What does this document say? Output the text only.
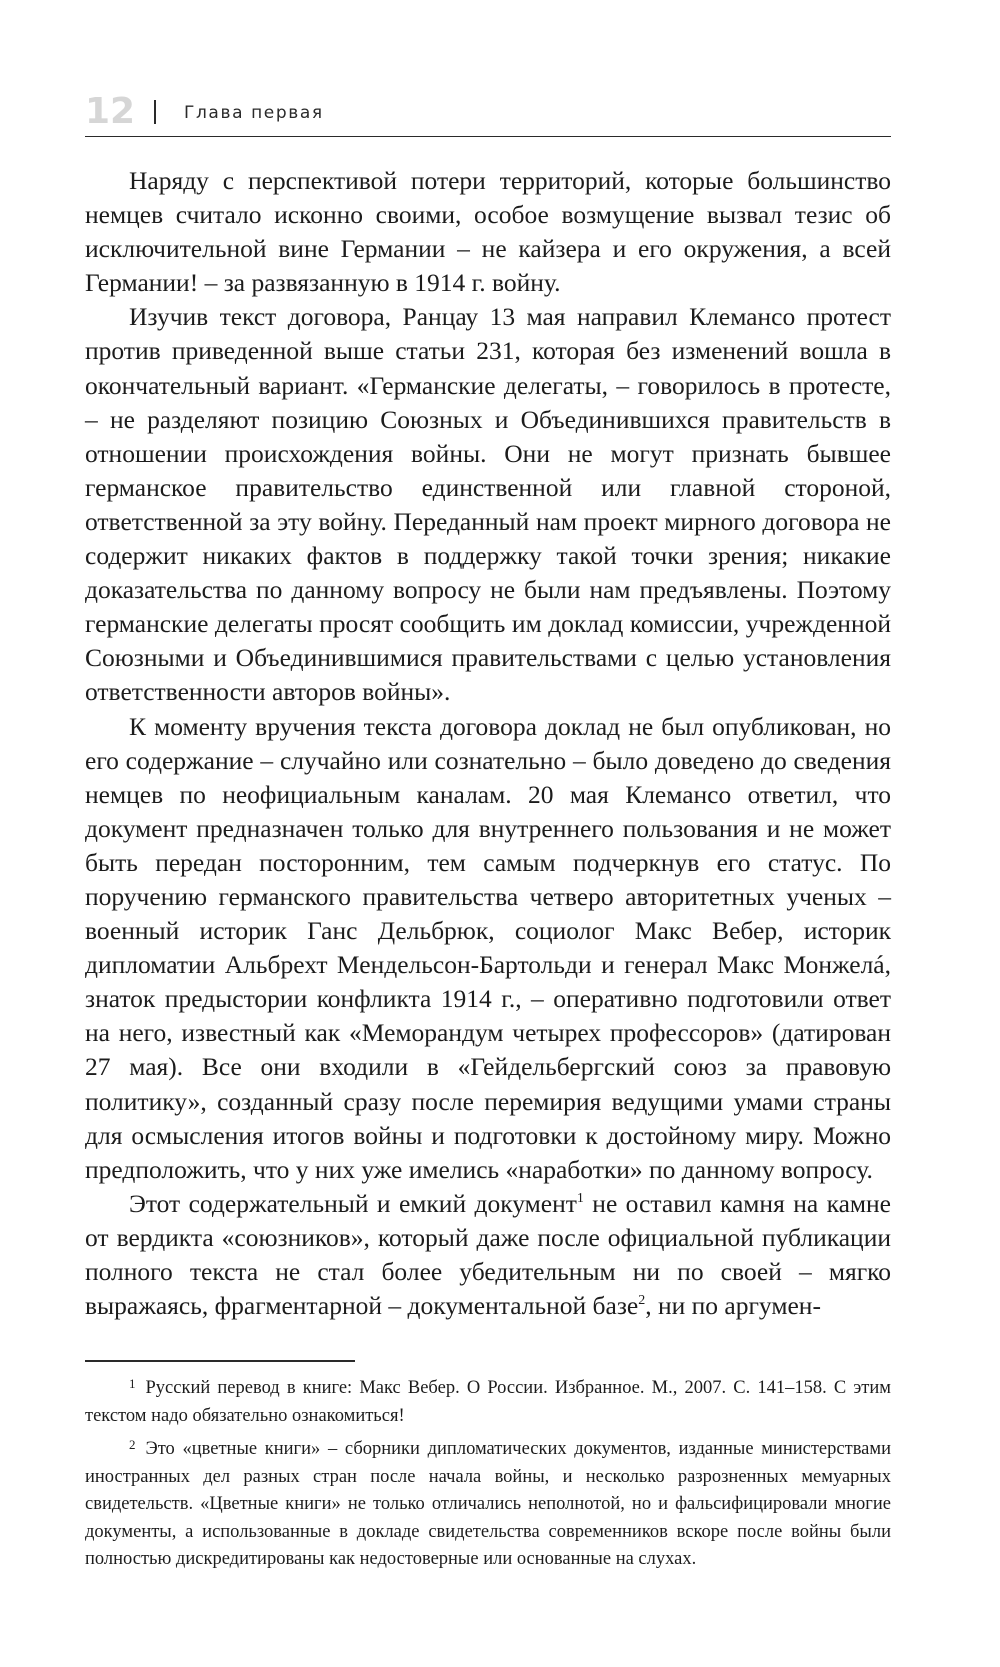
12	Глава первая

Наряду с перспективой потери территорий, которые большинство немцев считало исконно своими, особое возмущение вызвал тезис об исключительной вине Германии – не кайзера и его окружения, а всей Германии! – за развязанную в 1914 г. войну.

Изучив текст договора, Ранцау 13 мая направил Клемансо протест против приведенной выше статьи 231, которая без изменений вошла в окончательный вариант. «Германские делегаты, – говорилось в протесте, – не разделяют позицию Союзных и Объединившихся правительств в отношении происхождения войны. Они не могут признать бывшее германское правительство единственной или главной стороной, ответственной за эту войну. Переданный нам проект мирного договора не содержит никаких фактов в поддержку такой точки зрения; никакие доказательства по данному вопросу не были нам предъявлены. Поэтому германские делегаты просят сообщить им доклад комиссии, учрежденной Союзными и Объединившимися правительствами с целью установления ответственности авторов войны».

К моменту вручения текста договора доклад не был опубликован, но его содержание – случайно или сознательно – было доведено до сведения немцев по неофициальным каналам. 20 мая Клемансо ответил, что документ предназначен только для внутреннего пользования и не может быть передан посторонним, тем самым подчеркнув его статус. По поручению германского правительства четверо авторитетных ученых – военный историк Ганс Дельбрюк, социолог Макс Вебер, историк дипломатии Альбрехт Мендельсон-Бартольди и генерал Макс Монжелá, знаток предыстории конфликта 1914 г., – оперативно подготовили ответ на него, известный как «Меморандум четырех профессоров» (датирован 27 мая). Все они входили в «Гейдельбергский союз за правовую политику», созданный сразу после перемирия ведущими умами страны для осмысления итогов войны и подготовки к достойному миру. Можно предположить, что у них уже имелись «наработки» по данному вопросу.

Этот содержательный и емкий документ$^1$ не оставил камня на камне от вердикта «союзников», который даже после официальной публикации полного текста не стал более убедительным ни по своей – мягко выражаясь, фрагментарной – документальной базе$^2$, ни по аргумен-

$^1$ Русский перевод в книге: Макс Вебер. О России. Избранное. М., 2007. С. 141–158. С этим текстом надо обязательно ознакомиться!

$^2$ Это «цветные книги» – сборники дипломатических документов, изданные министерствами иностранных дел разных стран после начала войны, и несколько разрозненных мемуарных свидетельств. «Цветные книги» не только отличались неполнотой, но и фальсифицировали многие документы, а использованные в докладе свидетельства современников вскоре после войны были полностью дискредитированы как недостоверные или основанные на слухах.
